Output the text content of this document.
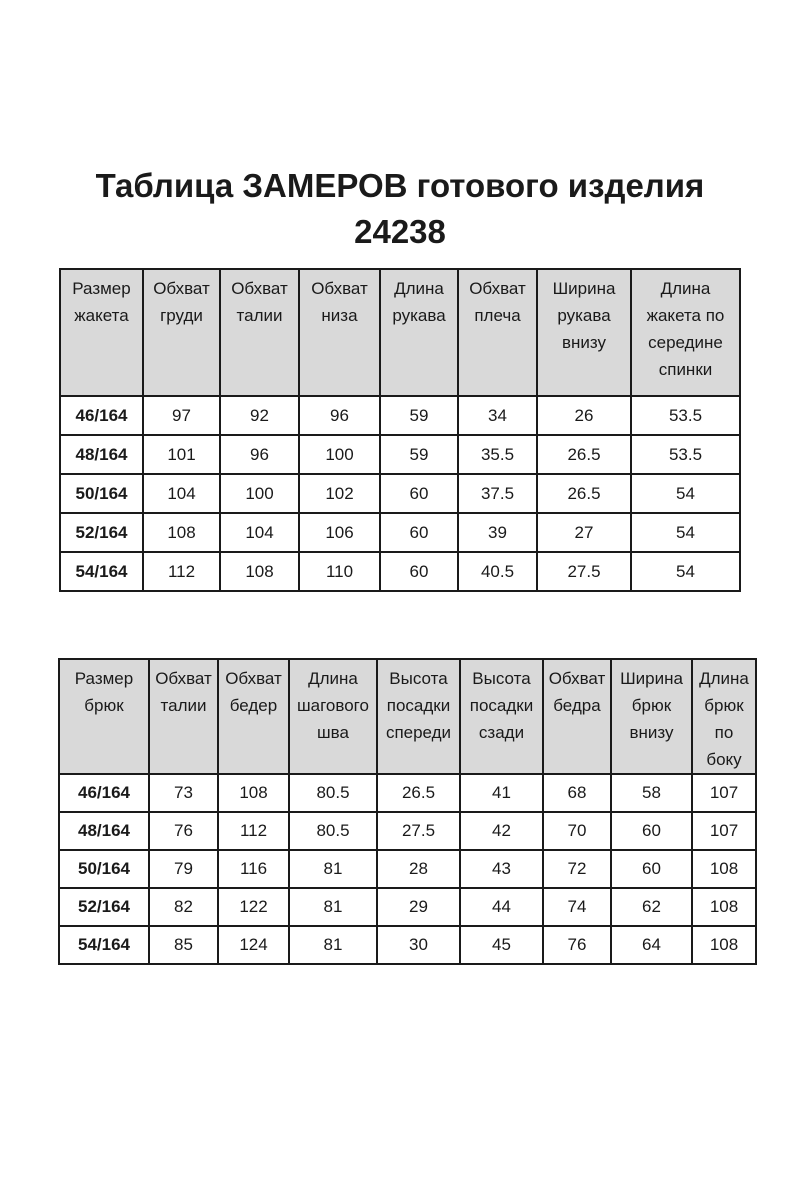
Таблица ЗАМЕРОВ готового изделия
24238
Размер жакета	Обхват груди	Обхват талии	Обхват низа	Длина рукава	Обхват плеча	Ширина рукава внизу	Длина жакета по середине спинки
46/164	97	92	96	59	34	26	53.5
48/164	101	96	100	59	35.5	26.5	53.5
50/164	104	100	102	60	37.5	26.5	54
52/164	108	104	106	60	39	27	54
54/164	112	108	110	60	40.5	27.5	54
Размер брюк	Обхват талии	Обхват бедер	Длина шагового шва	Высота посадки спереди	Высота посадки сзади	Обхват бедра	Ширина брюк внизу	Длина брюк по боку
46/164	73	108	80.5	26.5	41	68	58	107
48/164	76	112	80.5	27.5	42	70	60	107
50/164	79	116	81	28	43	72	60	108
52/164	82	122	81	29	44	74	62	108
54/164	85	124	81	30	45	76	64	108
